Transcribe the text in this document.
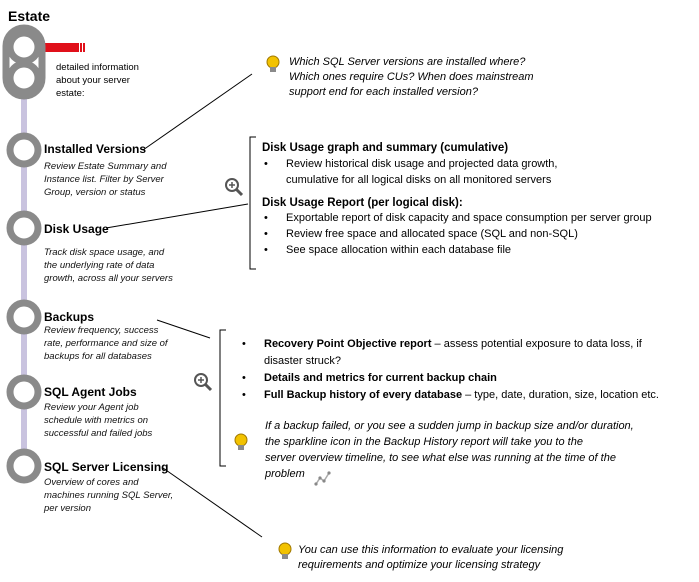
Estate
detailed information
about your server
estate:
Installed Versions
Review Estate Summary and
Instance list. Filter by Server
Group, version or status
Disk Usage
Track disk space usage, and
the underlying rate of data
growth, across all your servers
Backups
Review frequency, success
rate, performance and size of
backups for all databases
SQL Agent Jobs
Review your Agent job
schedule with metrics on
successful and failed jobs
SQL Server Licensing
Overview of cores and
machines running SQL Server,
per version
Which SQL Server versions are installed where?
Which ones require CUs? When does mainstream
support end for each installed version?
Disk Usage graph and summary (cumulative)
• Review historical disk usage and projected data growth,
cumulative for all logical disks on all monitored servers
Disk Usage Report (per logical disk):
• Exportable report of disk capacity and space consumption per server group
• Review free space and allocated space (SQL and non-SQL)
• See space allocation within each database file
• Recovery Point Objective report – assess potential exposure to data loss, if
disaster struck?
• Details and metrics for current backup chain
• Full Backup history of every database – type, date, duration, size, location etc.
If a backup failed, or you see a sudden jump in backup size and/or duration,
the sparkline icon in the Backup History report will take you to the
server overview timeline, to see what else was running at the time of the
problem
You can use this information to evaluate your licensing
requirements and optimize your licensing strategy
